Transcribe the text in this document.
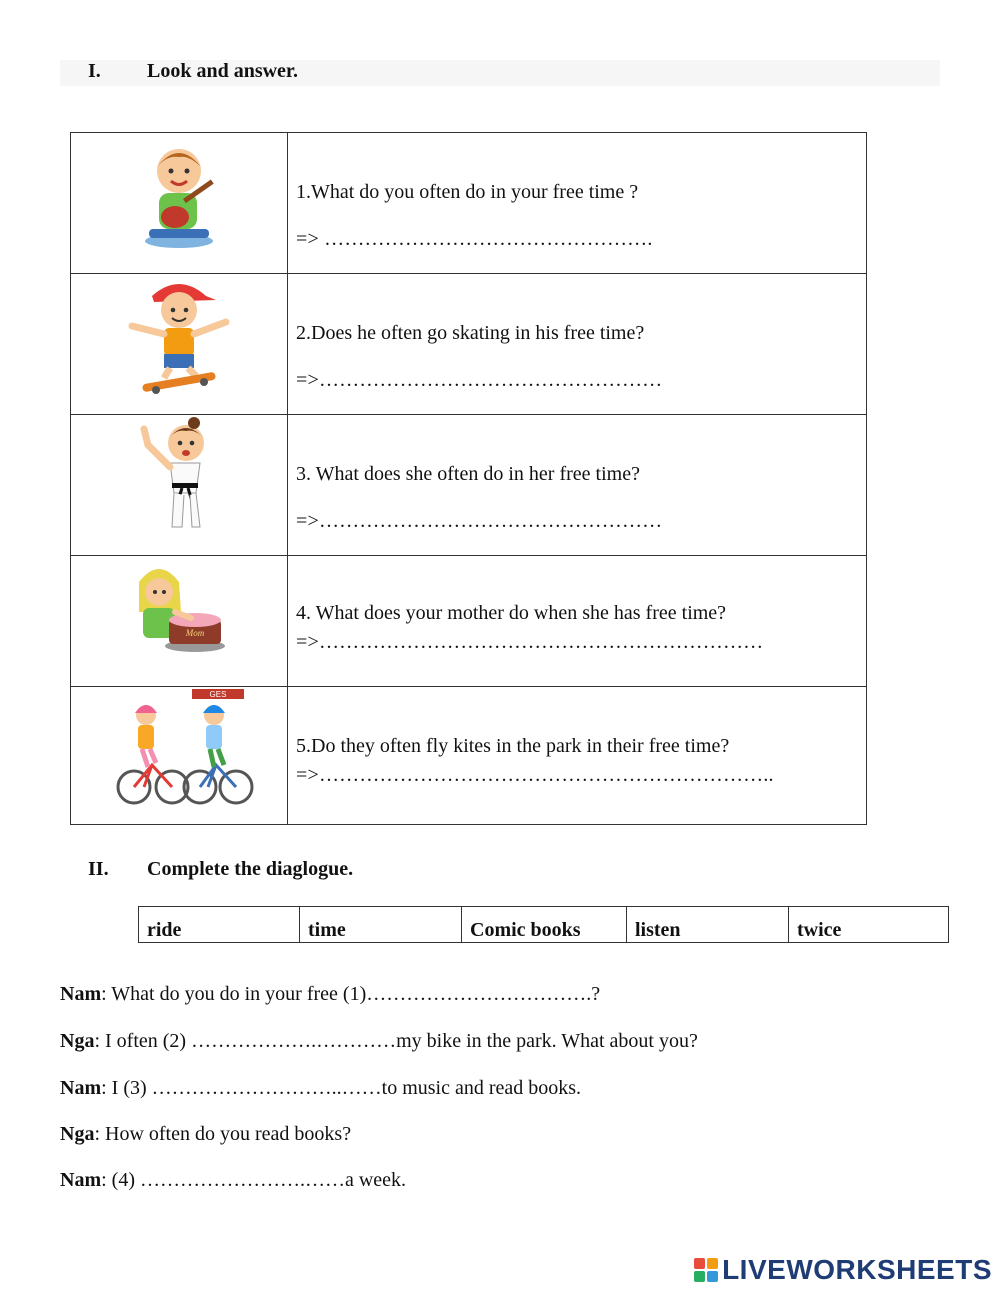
I. Look and answer.

1.What do you often do in your free time ?
=> ………………………………………….

2.Does he often go skating in his free time?
=>……………………………………………

3. What does she often do in her free time?
=>……………………………………………

Mom	4. What does your mother do when she has free time?
=>…………………………………………………………

GES	5.Do they often fly kites in the park in their free time?
=>…………………………………………………………..
II. Complete the diaglogue.
ride	time	Comic books	listen	twice
Nam: What do you do in your free (1)…………………………….?
Nga: I often (2) ……………….…………my bike in the park. What about you?
Nam: I (3) ………………………..……to music and read books.
Nga: How often do you read books?
Nam: (4) …………………….……a week.
LIVEWORKSHEETS
